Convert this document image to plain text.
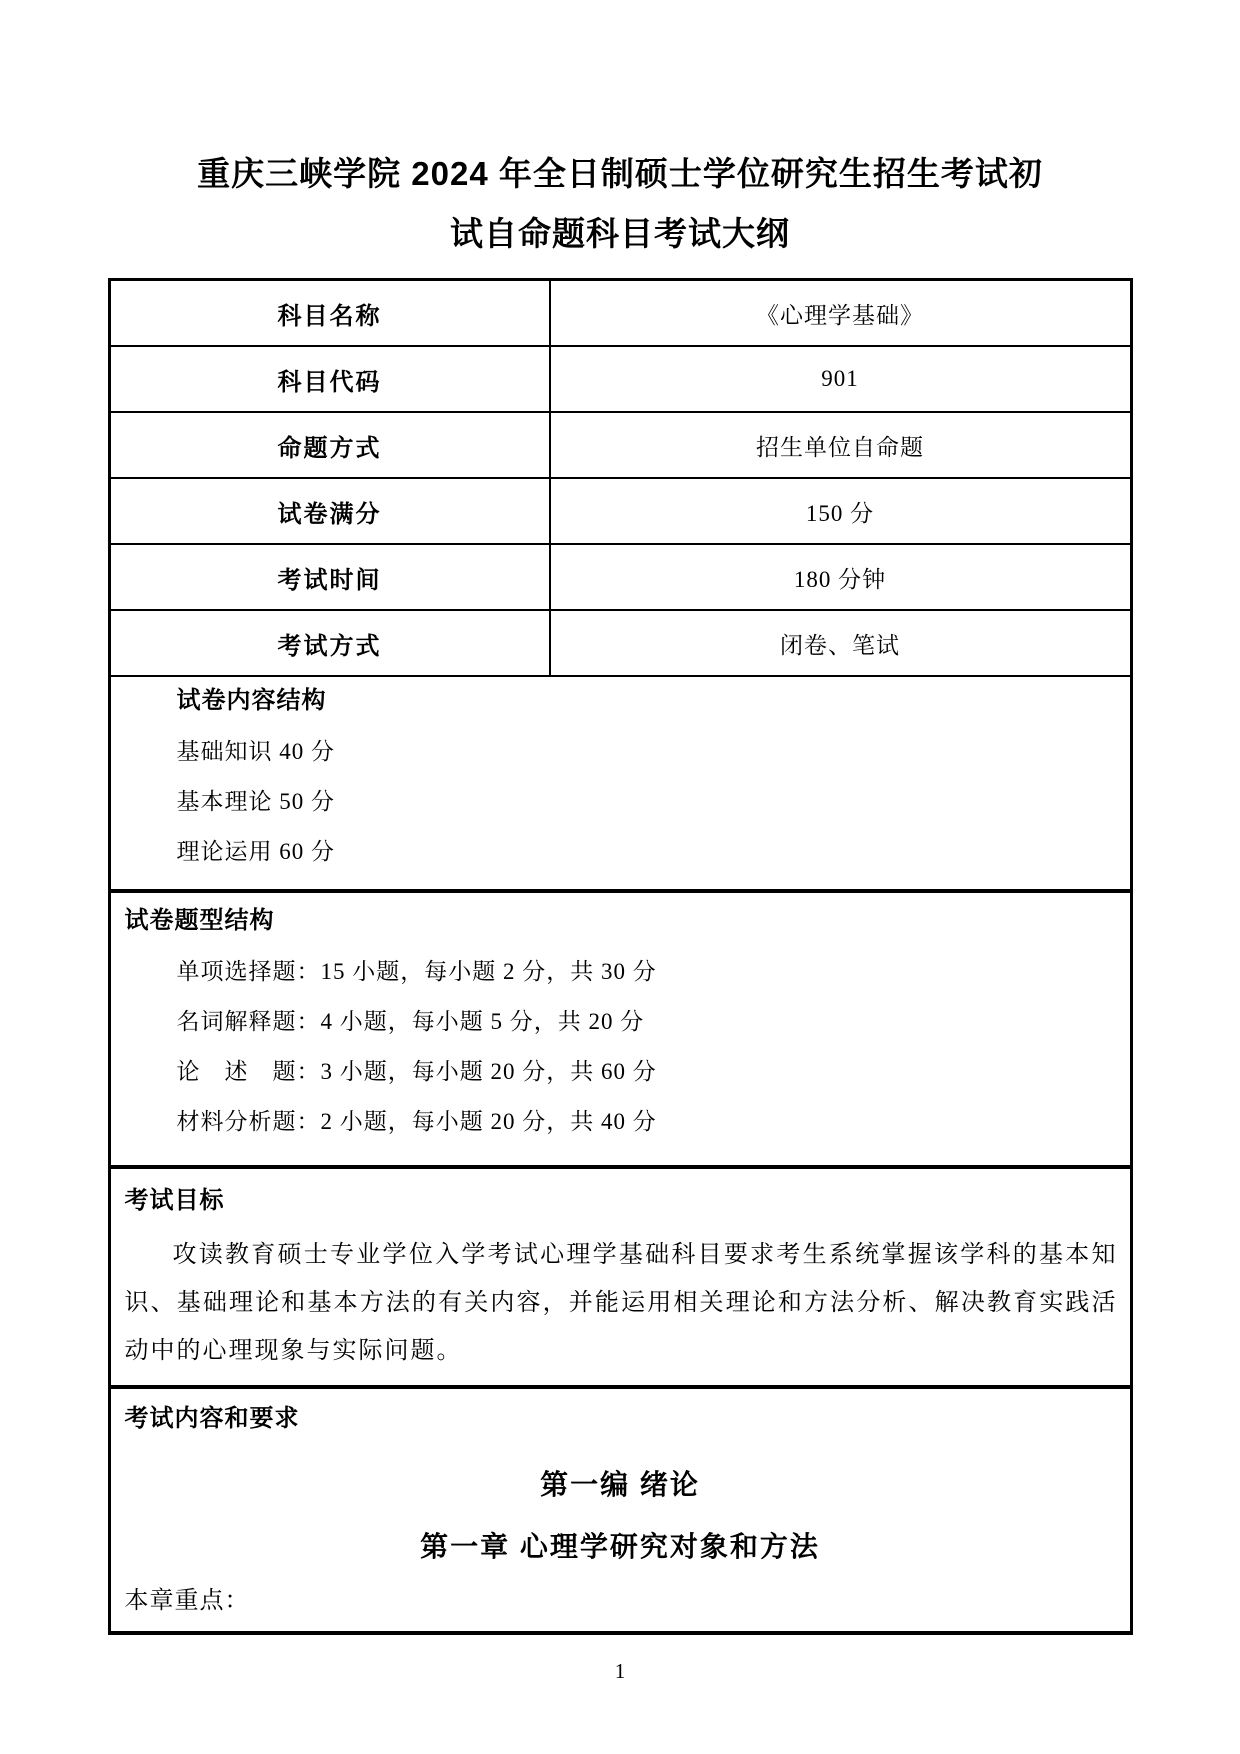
重庆三峡学院 2024 年全日制硕士学位研究生招生考试初
试自命题科目考试大纲
科目名称	《心理学基础》
科目代码	901
命题方式	招生单位自命题
试卷满分	150 分
考试时间	180 分钟
考试方式	闭卷、笔试
试卷内容结构

基础知识 40 分

基本理论 50 分

理论运用 60 分

试卷题型结构

单项选择题：15 小题，每小题 2 分，共 30 分

名词解释题：4 小题，每小题 5 分，共 20 分

论　述　题：3 小题，每小题 20 分，共 60 分

材料分析题：2 小题，每小题 20 分，共 40 分

考试目标

攻读教育硕士专业学位入学考试心理学基础科目要求考生系统掌握该学科的基本知识、基础理论和基本方法的有关内容，并能运用相关理论和方法分析、解决教育实践活动中的心理现象与实际问题。

考试内容和要求

第一编 绪论

第一章 心理学研究对象和方法

本章重点：

1
